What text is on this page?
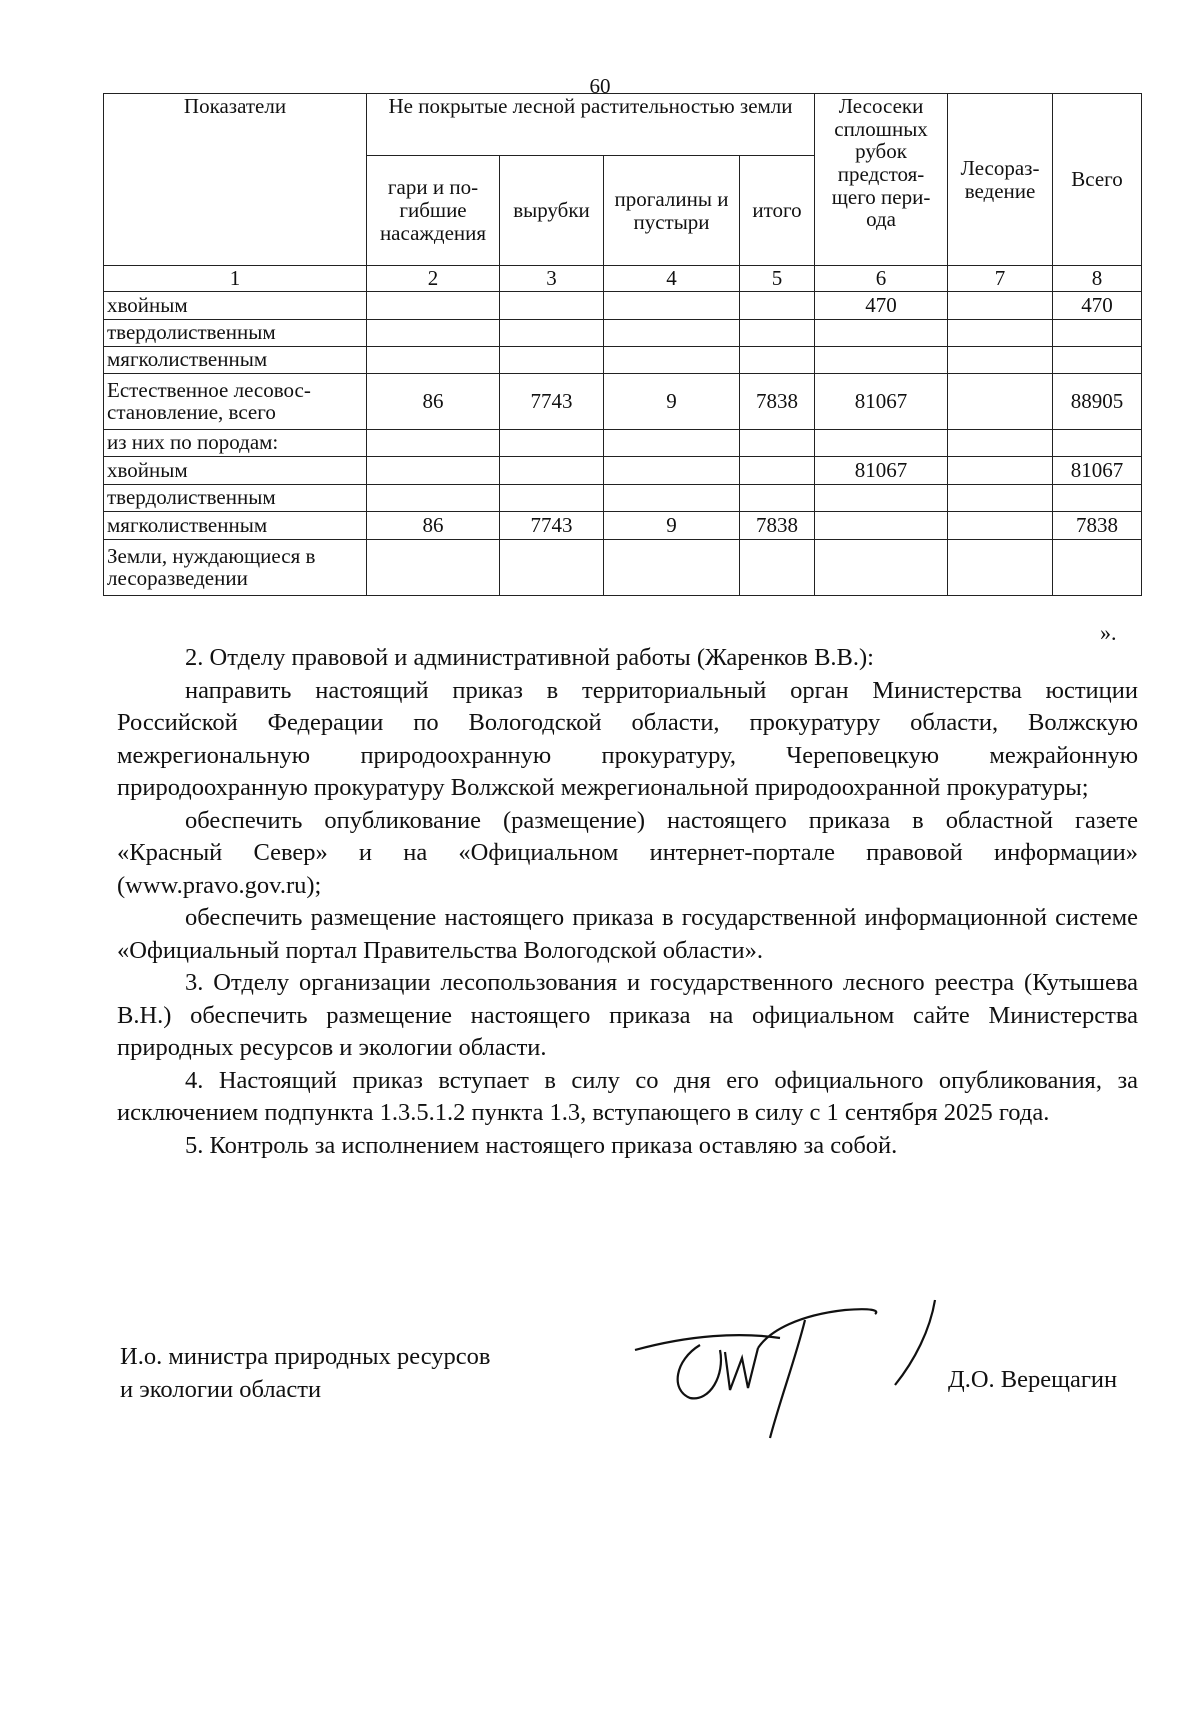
60
Показатели	Не покрытые лесной растительностью земли				Лесосеки сплошных рубок предстоя-щего пери-ода	Лесораз-ведение	Всего
	гари и по-гибшие насаждения	вырубки	прогалины и пустыри	итого			
1	2	3	4	5	6	7	8
хвойным					470		470
твердолиственным							
мягколиственным							
Естественное лесовос-становление, всего	86	7743	9	7838	81067		88905
из них по породам:							
хвойным					81067		81067
твердолиственным							
мягколиственным	86	7743	9	7838			7838
Земли, нуждающиеся в лесоразведении							
».

2. Отделу правовой и административной работы (Жаренков В.В.):

направить настоящий приказ в территориальный орган Министерства юстиции Российской Федерации по Вологодской области, прокуратуру области, Волжскую межрегиональную природоохранную прокуратуру, Череповецкую межрайонную природоохранную прокуратуру Волжской межрегиональной природоохранной прокуратуры;

обеспечить опубликование (размещение) настоящего приказа в областной газете «Красный Север» и на «Официальном интернет-портале правовой информации» (www.pravo.gov.ru);

обеспечить размещение настоящего приказа в государственной информационной системе «Официальный портал Правительства Вологодской области».

3. Отделу организации лесопользования и государственного лесного реестра (Кутышева В.Н.) обеспечить размещение настоящего приказа на официальном сайте Министерства природных ресурсов и экологии области.

4. Настоящий приказ вступает в силу со дня его официального опубликования, за исключением подпункта 1.3.5.1.2 пункта 1.3, вступающего в силу с 1 сентября 2025 года.

5. Контроль за исполнением настоящего приказа оставляю за собой.

И.о. министра природных ресурсов
и экологии области	Д.О. Верещагин
